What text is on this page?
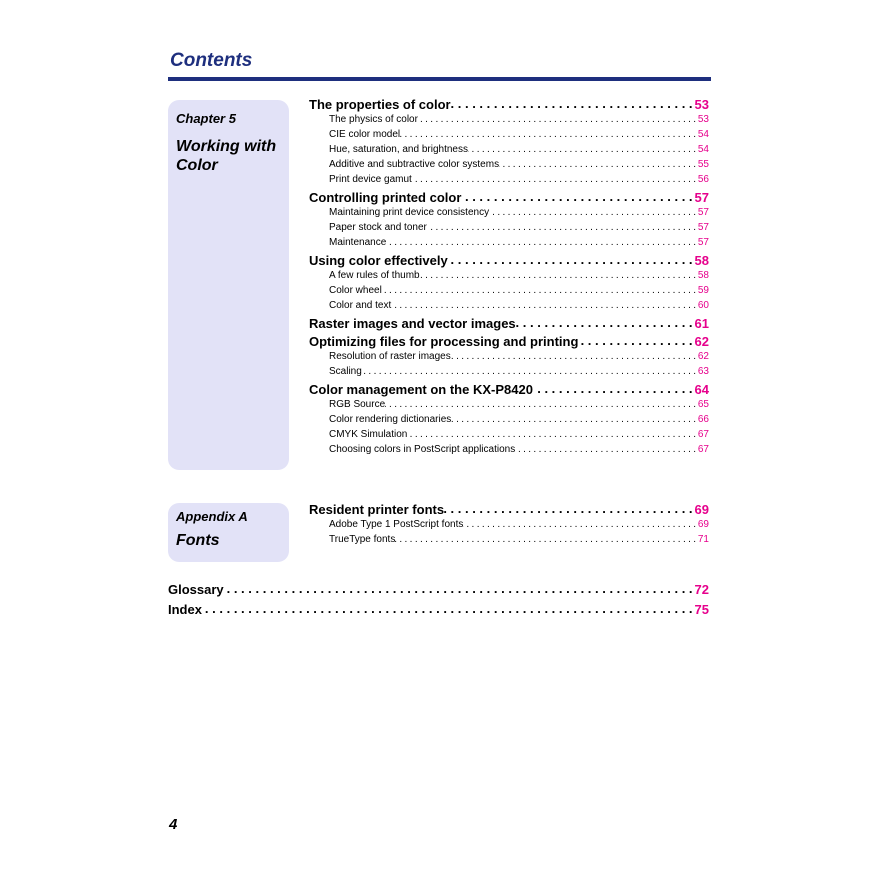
Contents
Chapter 5
Working with
Color
The properties of color . . .	53
The physics of color . . .	53
CIE color model . . .	54
Hue, saturation, and brightness . . .	54
Additive and subtractive color systems . . .	55
Print device gamut . . .	56
Controlling printed color . . .	57
Maintaining print device consistency . . .	57
Paper stock and toner . . .	57
Maintenance . . .	57
Using color effectively . . .	58
A few rules of thumb . . .	58
Color wheel . . .	59
Color and text . . .	60
Raster images and vector images . . .	61
Optimizing files for processing and printing . . .	62
Resolution of raster images . . .	62
Scaling . . .	63
Color management on the KX-P8420 . . .	64
RGB Source . . .	65
Color rendering dictionaries . . .	66
CMYK Simulation . . .	67
Choosing colors in PostScript applications . . .	67
Appendix A
Fonts
Resident printer fonts . . .	69
Adobe Type 1 PostScript fonts . . .	69
TrueType fonts . . .	71
Glossary . . .	72
Index . . .	75
4
